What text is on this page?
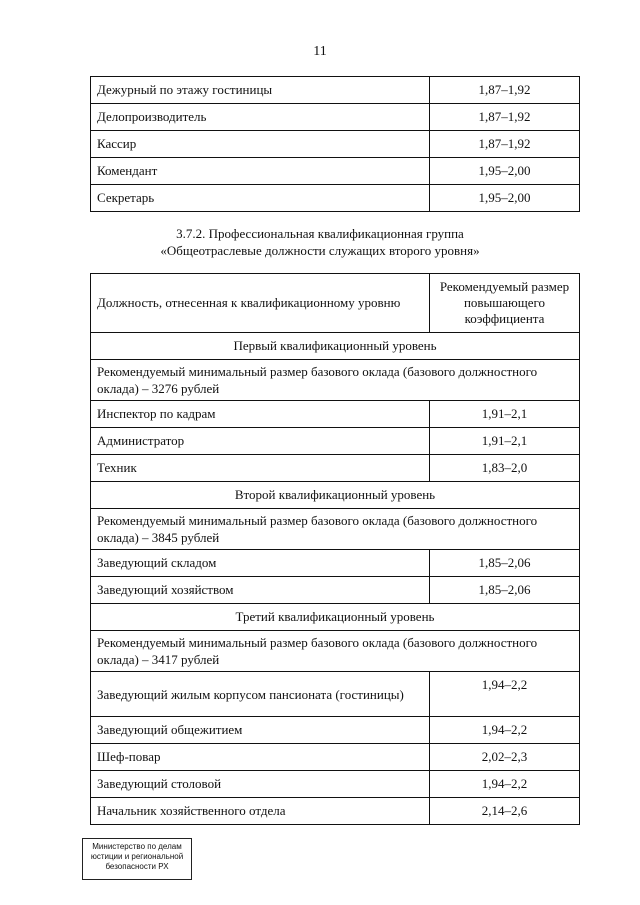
11
Дежурный по этажу гостиницы	1,87–1,92
Делопроизводитель	1,87–1,92
Кассир	1,87–1,92
Комендант	1,95–2,00
Секретарь	1,95–2,00
3.7.2. Профессиональная квалификационная группа
«Общеотраслевые должности служащих второго уровня»
Должность, отнесенная к квалификационному уровню	Рекомендуемый размер повышающего коэффициента
Первый квалификационный уровень	
Рекомендуемый минимальный размер базового оклада (базового должностного оклада) – 3276 рублей	
Инспектор по кадрам	1,91–2,1
Администратор	1,91–2,1
Техник	1,83–2,0
Второй квалификационный уровень	
Рекомендуемый минимальный размер базового оклада (базового должностного оклада) – 3845 рублей	
Заведующий складом	1,85–2,06
Заведующий хозяйством	1,85–2,06
Третий квалификационный уровень	
Рекомендуемый минимальный размер базового оклада (базового должностного оклада) – 3417 рублей	
Заведующий жилым корпусом пансионата (гостиницы)	1,94–2,2
Заведующий общежитием	1,94–2,2
Шеф-повар	2,02–2,3
Заведующий столовой	1,94–2,2
Начальник хозяйственного отдела	2,14–2,6
Министерство по делам
юстиции и региональной
безопасности РХ
